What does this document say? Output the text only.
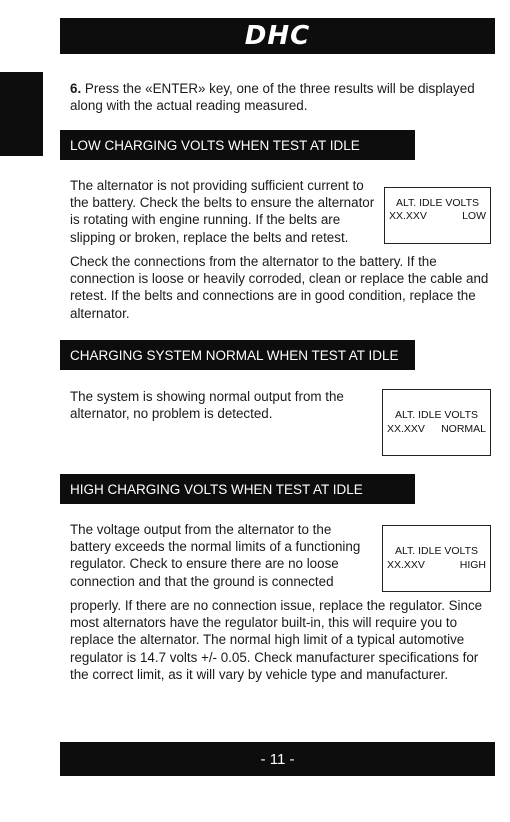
DHC
6. Press the «ENTER» key, one of the three results will be displayed along with the actual reading measured.
LOW CHARGING VOLTS WHEN TEST AT IDLE
The alternator is not providing sufficient current to the battery. Check the belts to ensure the alternator is rotating with engine running. If the belts are slipping or broken, replace the belts and retest.
ALT. IDLE VOLTS
XX.XXV	LOW
Check the connections from the alternator to the battery. If the connection is loose or heavily corroded, clean or replace the cable and retest. If the belts and connections are in good condition, replace the alternator.
CHARGING SYSTEM NORMAL WHEN TEST AT IDLE
The system is showing normal output from the alternator, no problem is detected.	ALT. IDLE VOLTS
XX.XXV NORMAL
HIGH CHARGING VOLTS WHEN TEST AT IDLE
The voltage output from the alternator to the battery exceeds the normal limits of a functioning regulator. Check to ensure there are no loose connection and that the ground is connected
ALT. IDLE VOLTS
XX.XXV	HIGH
properly. If there are no connection issue, replace the regulator. Since most alternators have the regulator built-in, this will require you to replace the alternator. The normal high limit of a typical automotive regulator is 14.7 volts +/- 0.05. Check manufacturer specifications for the correct limit, as it will vary by vehicle type and manufacturer.
- 11 -
